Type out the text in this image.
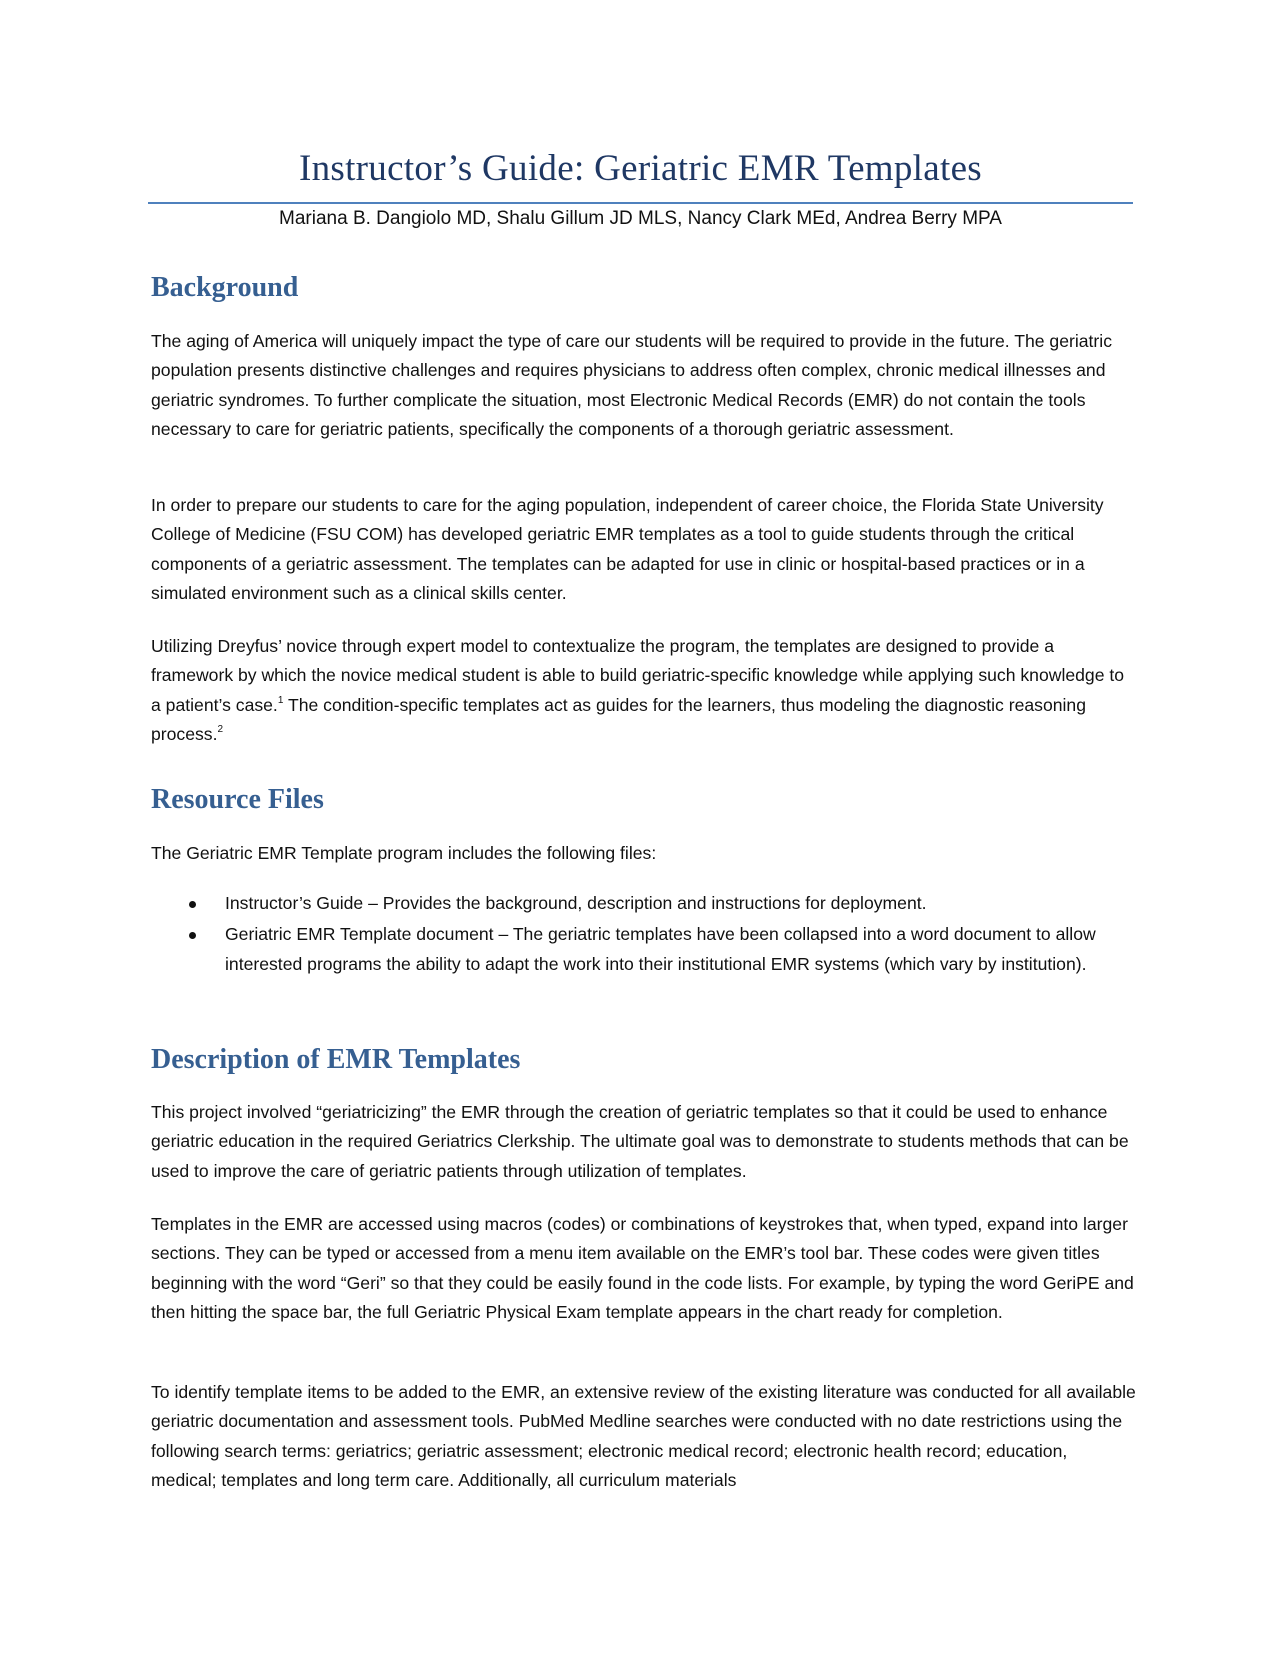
Instructor’s Guide: Geriatric EMR Templates

Mariana B. Dangiolo MD, Shalu Gillum JD MLS, Nancy Clark MEd, Andrea Berry MPA

Background

The aging of America will uniquely impact the type of care our students will be required to provide in the future. The geriatric population presents distinctive challenges and requires physicians to address often complex, chronic medical illnesses and geriatric syndromes. To further complicate the situation, most Electronic Medical Records (EMR) do not contain the tools necessary to care for geriatric patients, specifically the components of a thorough geriatric assessment.

In order to prepare our students to care for the aging population, independent of career choice, the Florida State University College of Medicine (FSU COM) has developed geriatric EMR templates as a tool to guide students through the critical components of a geriatric assessment. The templates can be adapted for use in clinic or hospital-based practices or in a simulated environment such as a clinical skills center.

Utilizing Dreyfus’ novice through expert model to contextualize the program, the templates are designed to provide a framework by which the novice medical student is able to build geriatric-specific knowledge while applying such knowledge to a patient’s case.$^1$ The condition-specific templates act as guides for the learners, thus modeling the diagnostic reasoning process.$^2$

Resource Files

The Geriatric EMR Template program includes the following files:

Instructor’s Guide – Provides the background, description and instructions for deployment.
Geriatric EMR Template document – The geriatric templates have been collapsed into a word document to allow interested programs the ability to adapt the work into their institutional EMR systems (which vary by institution).
Description of EMR Templates

This project involved “geriatricizing” the EMR through the creation of geriatric templates so that it could be used to enhance geriatric education in the required Geriatrics Clerkship. The ultimate goal was to demonstrate to students methods that can be used to improve the care of geriatric patients through utilization of templates.

Templates in the EMR are accessed using macros (codes) or combinations of keystrokes that, when typed, expand into larger sections. They can be typed or accessed from a menu item available on the EMR’s tool bar. These codes were given titles beginning with the word “Geri” so that they could be easily found in the code lists. For example, by typing the word GeriPE and then hitting the space bar, the full Geriatric Physical Exam template appears in the chart ready for completion.

To identify template items to be added to the EMR, an extensive review of the existing literature was conducted for all available geriatric documentation and assessment tools. PubMed Medline searches were conducted with no date restrictions using the following search terms: geriatrics; geriatric assessment; electronic medical record; electronic health record; education, medical; templates and long term care. Additionally, all curriculum materials
